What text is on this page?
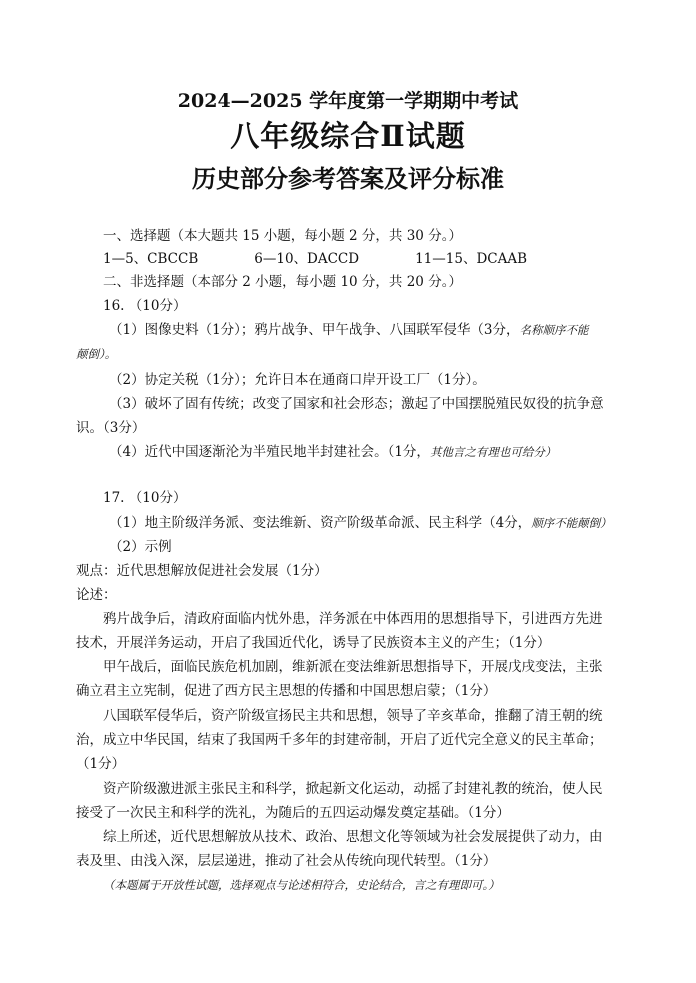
2024—2025 学年度第一学期期中考试
八年级综合Ⅱ试题
历史部分参考答案及评分标准
一、选择题（本大题共 15 小题，每小题 2 分，共 30 分。）
1—5、CBCCB	6—10、DACCD	11—15、DCAAB
二、非选择题（本部分 2 小题，每小题 10 分，共 20 分。）
16. （10分）
（1）图像史料（1分）；鸦片战争、甲午战争、八国联军侵华（3分，名称顺序不能
颠倒）。
（2）协定关税（1分）；允许日本在通商口岸开设工厂（1分）。
（3）破坏了固有传统；改变了国家和社会形态；激起了中国摆脱殖民奴役的抗争意
识。（3分）
（4）近代中国逐渐沦为半殖民地半封建社会。（1分，其他言之有理也可给分）
17. （10分）
（1）地主阶级洋务派、变法维新、资产阶级革命派、民主科学（4分，顺序不能颠倒）
（2）示例
观点：近代思想解放促进社会发展（1分）
论述：
鸦片战争后，清政府面临内忧外患，洋务派在中体西用的思想指导下，引进西方先进
技术，开展洋务运动，开启了我国近代化，诱导了民族资本主义的产生；（1分）
甲午战后，面临民族危机加剧，维新派在变法维新思想指导下，开展戊戌变法，主张
确立君主立宪制，促进了西方民主思想的传播和中国思想启蒙；（1分）
八国联军侵华后，资产阶级宣扬民主共和思想，领导了辛亥革命，推翻了清王朝的统
治，成立中华民国，结束了我国两千多年的封建帝制，开启了近代完全意义的民主革命；
（1分）
资产阶级激进派主张民主和科学，掀起新文化运动，动摇了封建礼教的统治，使人民
接受了一次民主和科学的洗礼，为随后的五四运动爆发奠定基础。（1分）
综上所述，近代思想解放从技术、政治、思想文化等领域为社会发展提供了动力，由
表及里、由浅入深，层层递进，推动了社会从传统向现代转型。（1分）
（本题属于开放性试题，选择观点与论述相符合，史论结合，言之有理即可。）
